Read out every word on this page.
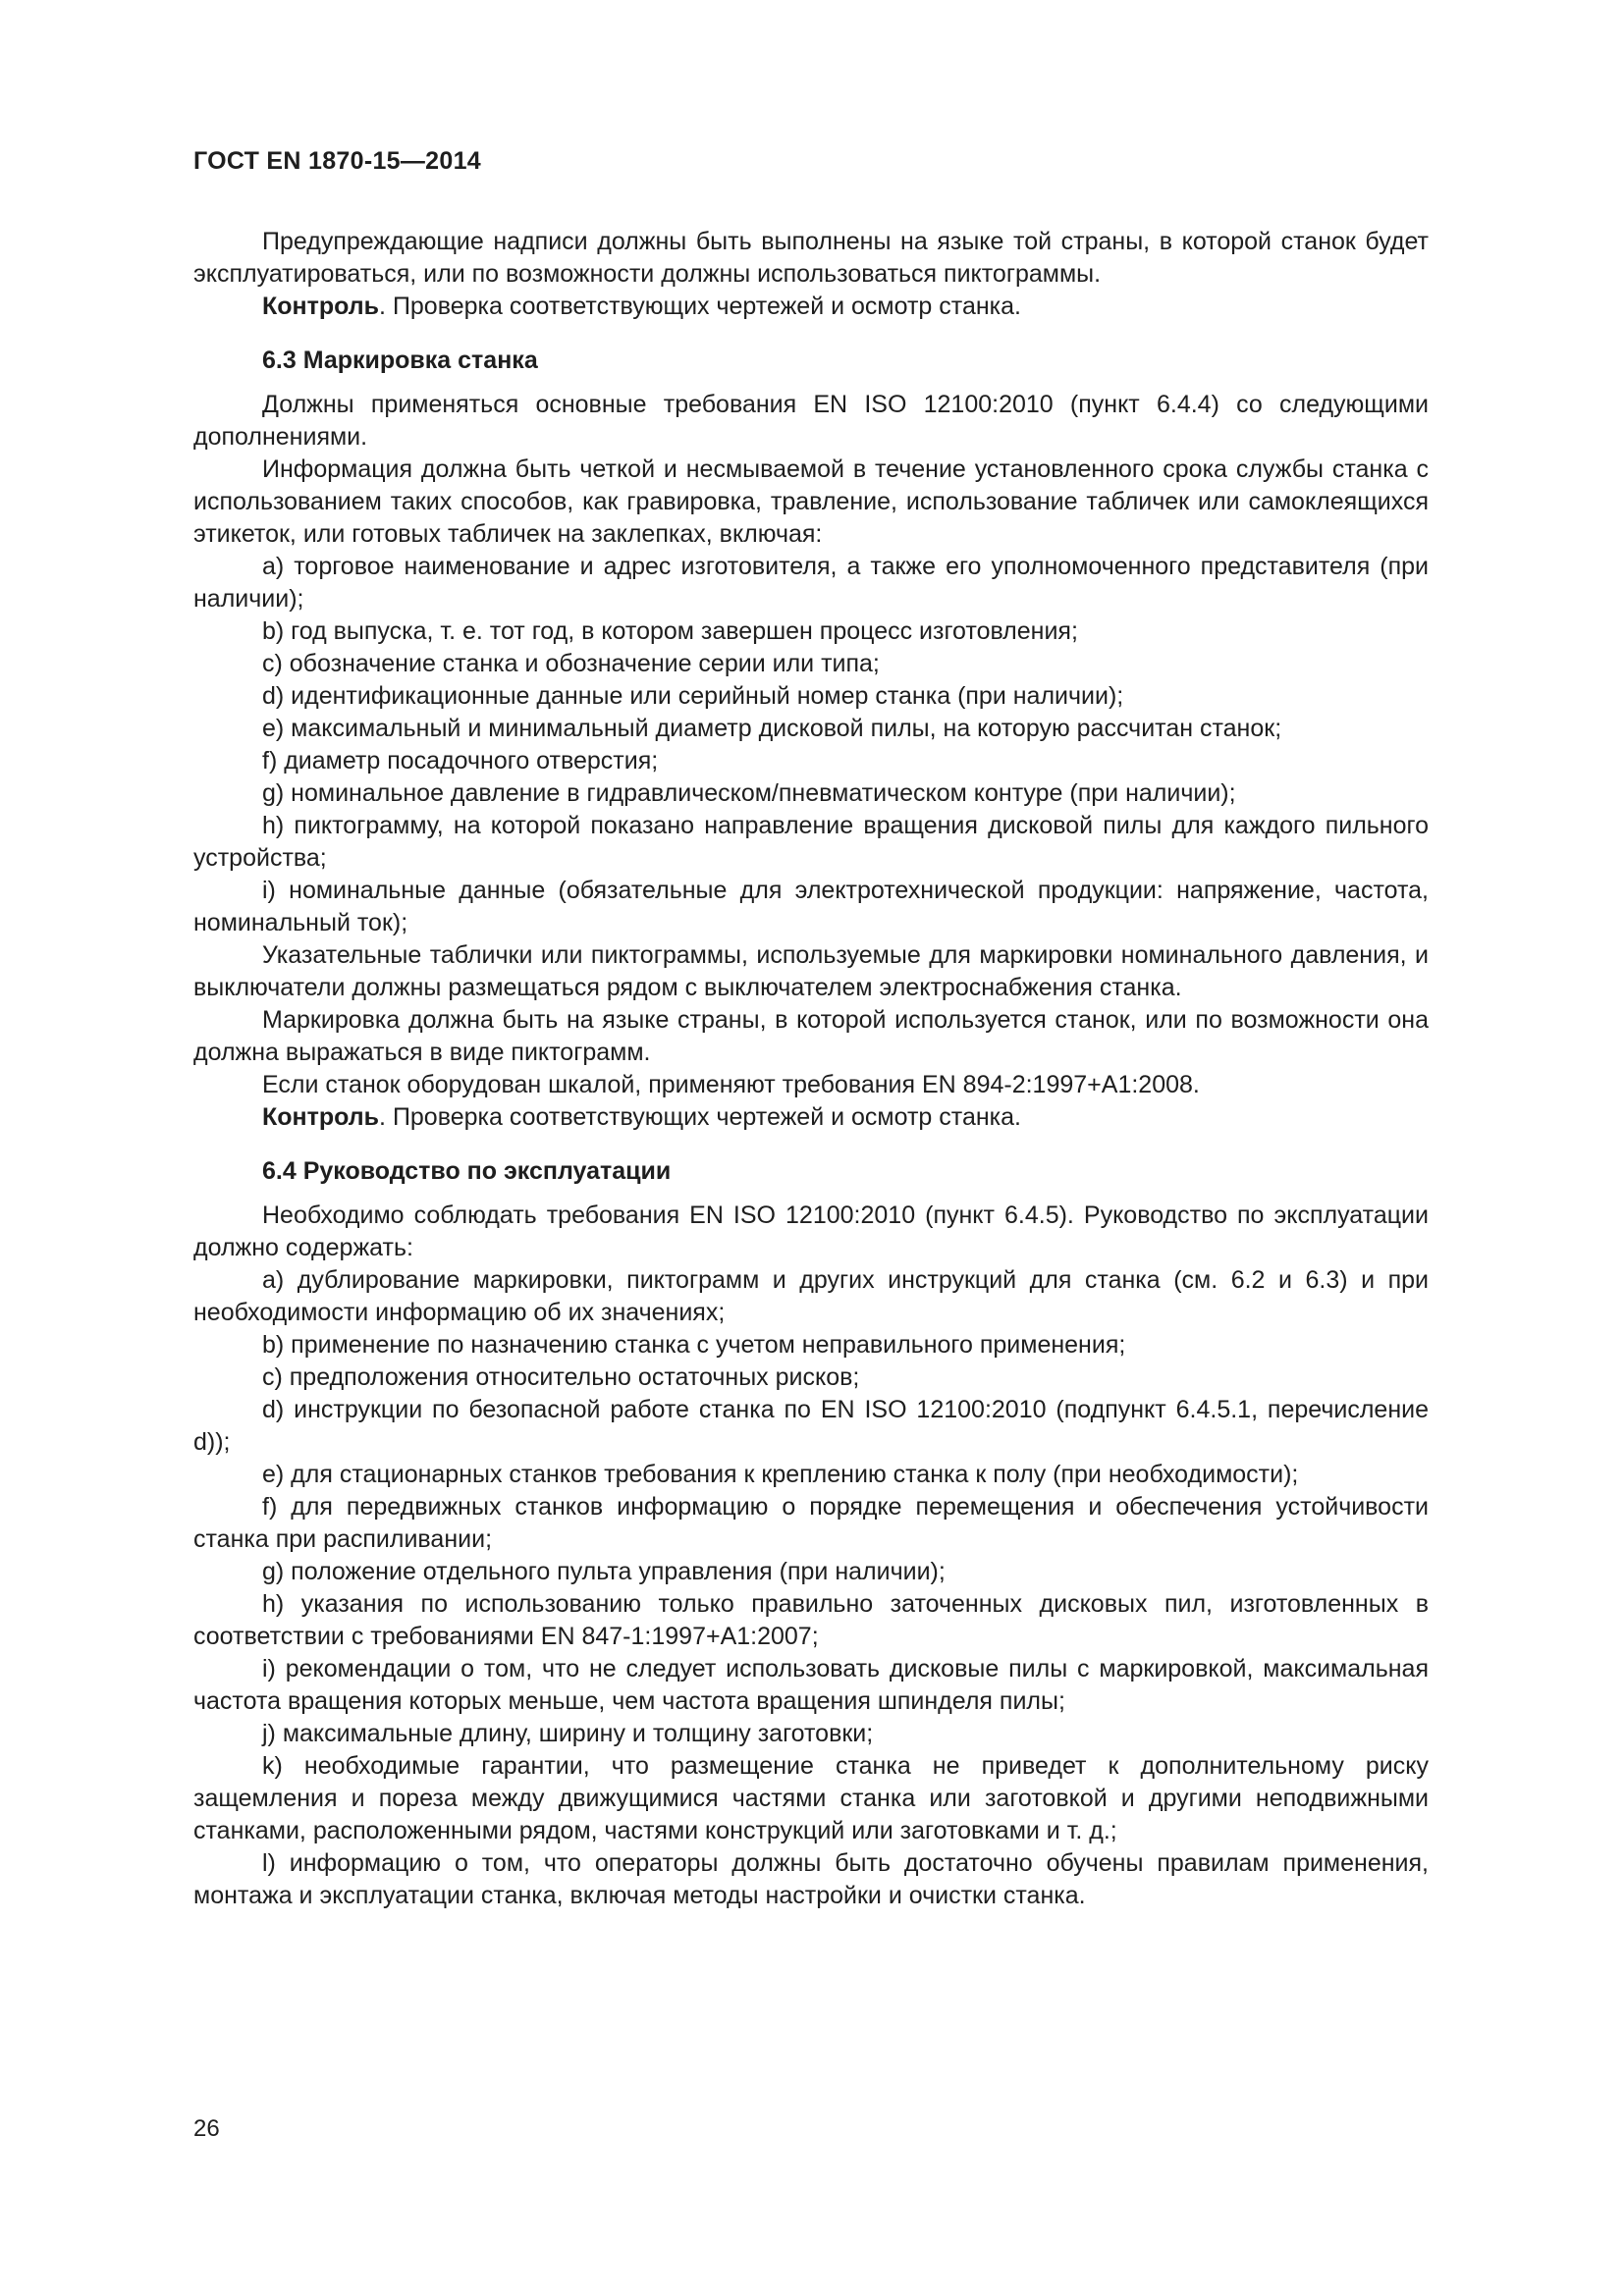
ГОСТ EN 1870-15—2014

Предупреждающие надписи должны быть выполнены на языке той страны, в которой станок будет эксплуатироваться, или по возможности должны использоваться пиктограммы.

Контроль. Проверка соответствующих чертежей и осмотр станка.

6.3 Маркировка станка

Должны применяться основные требования EN ISO 12100:2010 (пункт 6.4.4) со следующими дополнениями.

Информация должна быть четкой и несмываемой в течение установленного срока службы станка с использованием таких способов, как гравировка, травление, использование табличек или самоклеящихся этикеток, или готовых табличек на заклепках, включая:

а) торговое наименование и адрес изготовителя, а также его уполномоченного представителя (при наличии);

b) год выпуска, т. е. тот год, в котором завершен процесс изготовления;

с) обозначение станка и обозначение серии или типа;

d) идентификационные данные или серийный номер станка (при наличии);

е) максимальный и минимальный диаметр дисковой пилы, на которую рассчитан станок;

f) диаметр посадочного отверстия;

g) номинальное давление в гидравлическом/пневматическом контуре (при наличии);

h) пиктограмму, на которой показано направление вращения дисковой пилы для каждого пильного устройства;

i) номинальные данные (обязательные для электротехнической продукции: напряжение, частота, номинальный ток);

Указательные таблички или пиктограммы, используемые для маркировки номинального давления, и выключатели должны размещаться рядом с выключателем электроснабжения станка.

Маркировка должна быть на языке страны, в которой используется станок, или по возможности она должна выражаться в виде пиктограмм.

Если станок оборудован шкалой, применяют требования EN 894-2:1997+A1:2008.

Контроль. Проверка соответствующих чертежей и осмотр станка.

6.4 Руководство по эксплуатации

Необходимо соблюдать требования EN ISO 12100:2010 (пункт 6.4.5). Руководство по эксплуатации должно содержать:

а) дублирование маркировки, пиктограмм и других инструкций для станка (см. 6.2 и 6.3) и при необходимости информацию об их значениях;

b) применение по назначению станка с учетом неправильного применения;

с) предположения относительно остаточных рисков;

d) инструкции по безопасной работе станка по EN ISO 12100:2010 (подпункт 6.4.5.1, перечисление d));

е) для стационарных станков требования к креплению станка к полу (при необходимости);

f) для передвижных станков информацию о порядке перемещения и обеспечения устойчивости станка при распиливании;

g) положение отдельного пульта управления (при наличии);

h) указания по использованию только правильно заточенных дисковых пил, изготовленных в соответствии с требованиями EN 847-1:1997+A1:2007;

i) рекомендации о том, что не следует использовать дисковые пилы с маркировкой, максимальная частота вращения которых меньше, чем частота вращения шпинделя пилы;

j) максимальные длину, ширину и толщину заготовки;

k) необходимые гарантии, что размещение станка не приведет к дополнительному риску защемления и пореза между движущимися частями станка или заготовкой и другими неподвижными станками, расположенными рядом, частями конструкций или заготовками и т. д.;

l) информацию о том, что операторы должны быть достаточно обучены правилам применения, монтажа и эксплуатации станка, включая методы настройки и очистки станка.

26
